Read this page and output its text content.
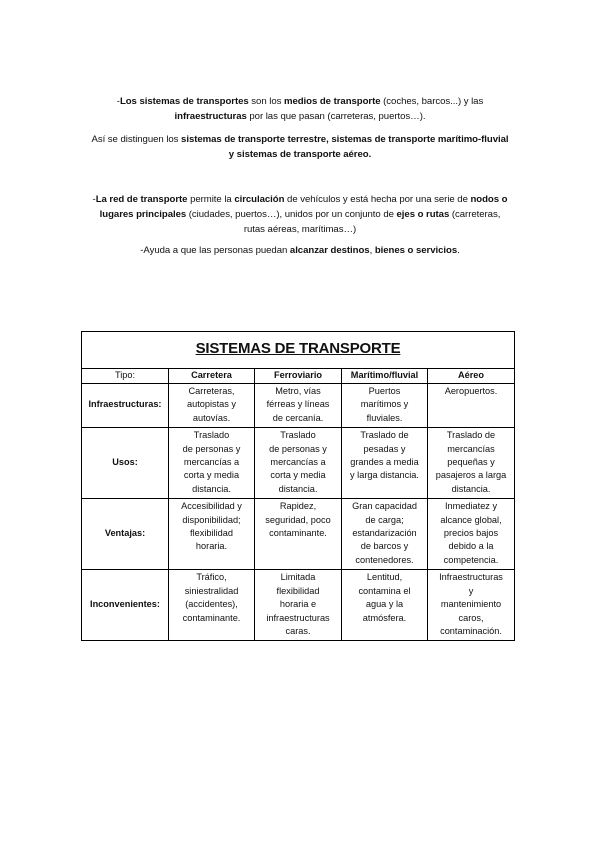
-Los sistemas de transportes son los medios de transporte (coches, barcos...) y las
infraestructuras por las que pasan (carreteras, puertos…).
Así se distinguen los sistemas de transporte terrestre, sistemas de transporte marítimo-fluvial
y sistemas de transporte aéreo.
-La red de transporte permite la circulación de vehículos y está hecha por una serie de nodos o
lugares principales (ciudades, puertos…), unidos por un conjunto de ejes o rutas (carreteras,
rutas aéreas, marítimas…)
-Ayuda a que las personas puedan alcanzar destinos, bienes o servicios.
SISTEMAS DE TRANSPORTE				
Tipo:	Carretera	Ferroviario	Marítimo/fluvial	Aéreo
Infraestructuras:	Carreteras,
autopistas y
autovías.	Metro, vías
férreas y líneas
de cercanía.	Puertos
marítimos y
fluviales.	Aeropuertos.

Usos:	Traslado
de personas y
mercancías a
corta y media
distancia.	Traslado
de personas y
mercancías a
corta y media
distancia.	Traslado de
pesadas y
grandes a media
y larga distancia.	Traslado de
mercancías
pequeñas y
pasajeros a larga
distancia.

Ventajas:	Accesibilidad y
disponibilidad;
flexibilidad
horaria.	Rapidez,
seguridad, poco
contaminante.	Gran capacidad
de carga;
estandarización
de barcos y
contenedores.	Inmediatez y
alcance global,
precios bajos
debido a la
competencia.

Inconvenientes:	Tráfico,
siniestralidad
(accidentes),
contaminante.	Limitada
flexibilidad
horaria e
infraestructuras
caras.	Lentitud,
contamina el
agua y la
atmósfera.	Infraestructuras
y
mantenimiento
caros,
contaminación.
